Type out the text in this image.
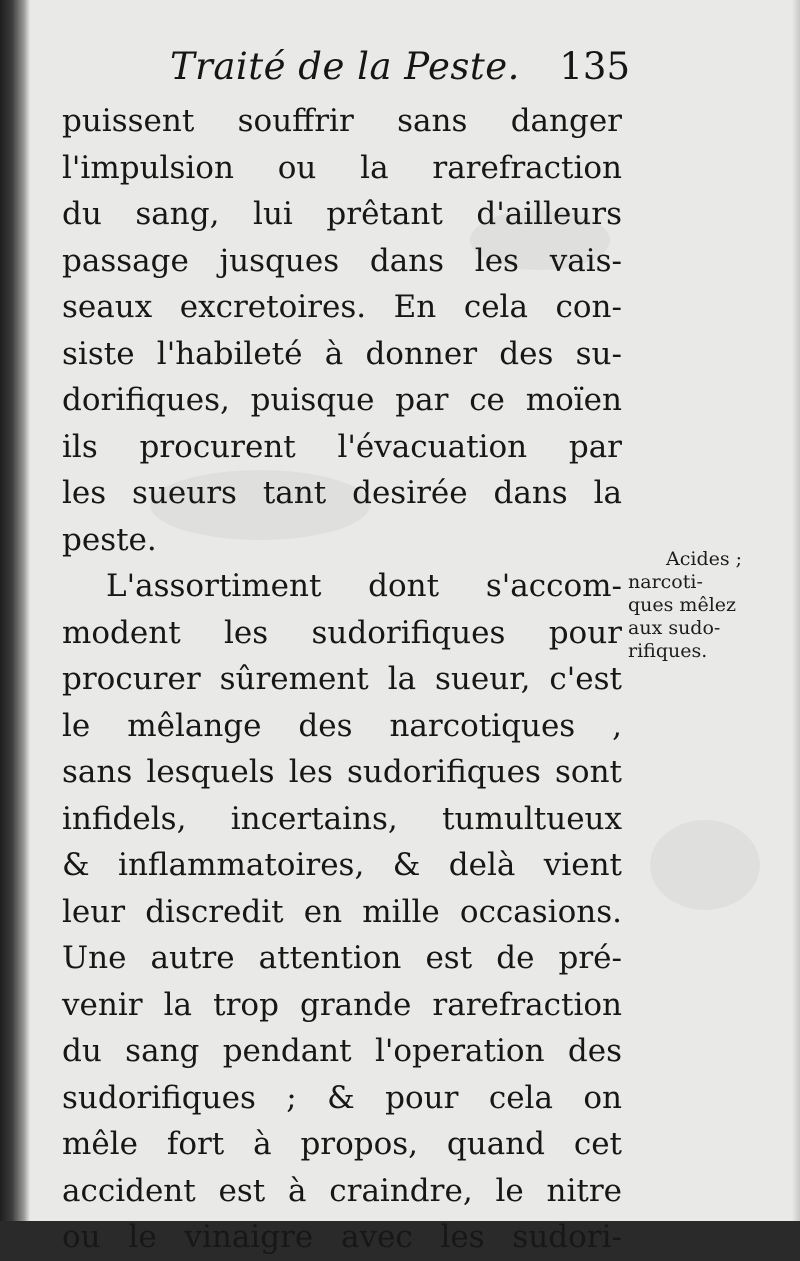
Traité de la Peste. 135
puissent souffrir sans danger
l'impulsion ou la rarefraction
du sang, lui prêtant d'ailleurs
passage jusques dans les vais-
seaux excretoires. En cela con-
siste l'habileté à donner des su-
dorifiques, puisque par ce moïen
ils procurent l'évacuation par
les sueurs tant desirée dans la
peste.
L'assortiment dont s'accom-
modent les sudorifiques pour
procurer sûrement la sueur, c'est
le mêlange des narcotiques ,
sans lesquels les sudorifiques sont
infidels, incertains, tumultueux
& inflammatoires, & delà vient
leur discredit en mille occasions.
Une autre attention est de pré-
venir la trop grande rarefraction
du sang pendant l'operation des
sudorifiques ; & pour cela on
mêle fort à propos, quand cet
accident est à craindre, le nitre
ou le vinaigre avec les sudori-
Acides ;
narcoti-
ques mêlez
aux sudo-
rifiques.
